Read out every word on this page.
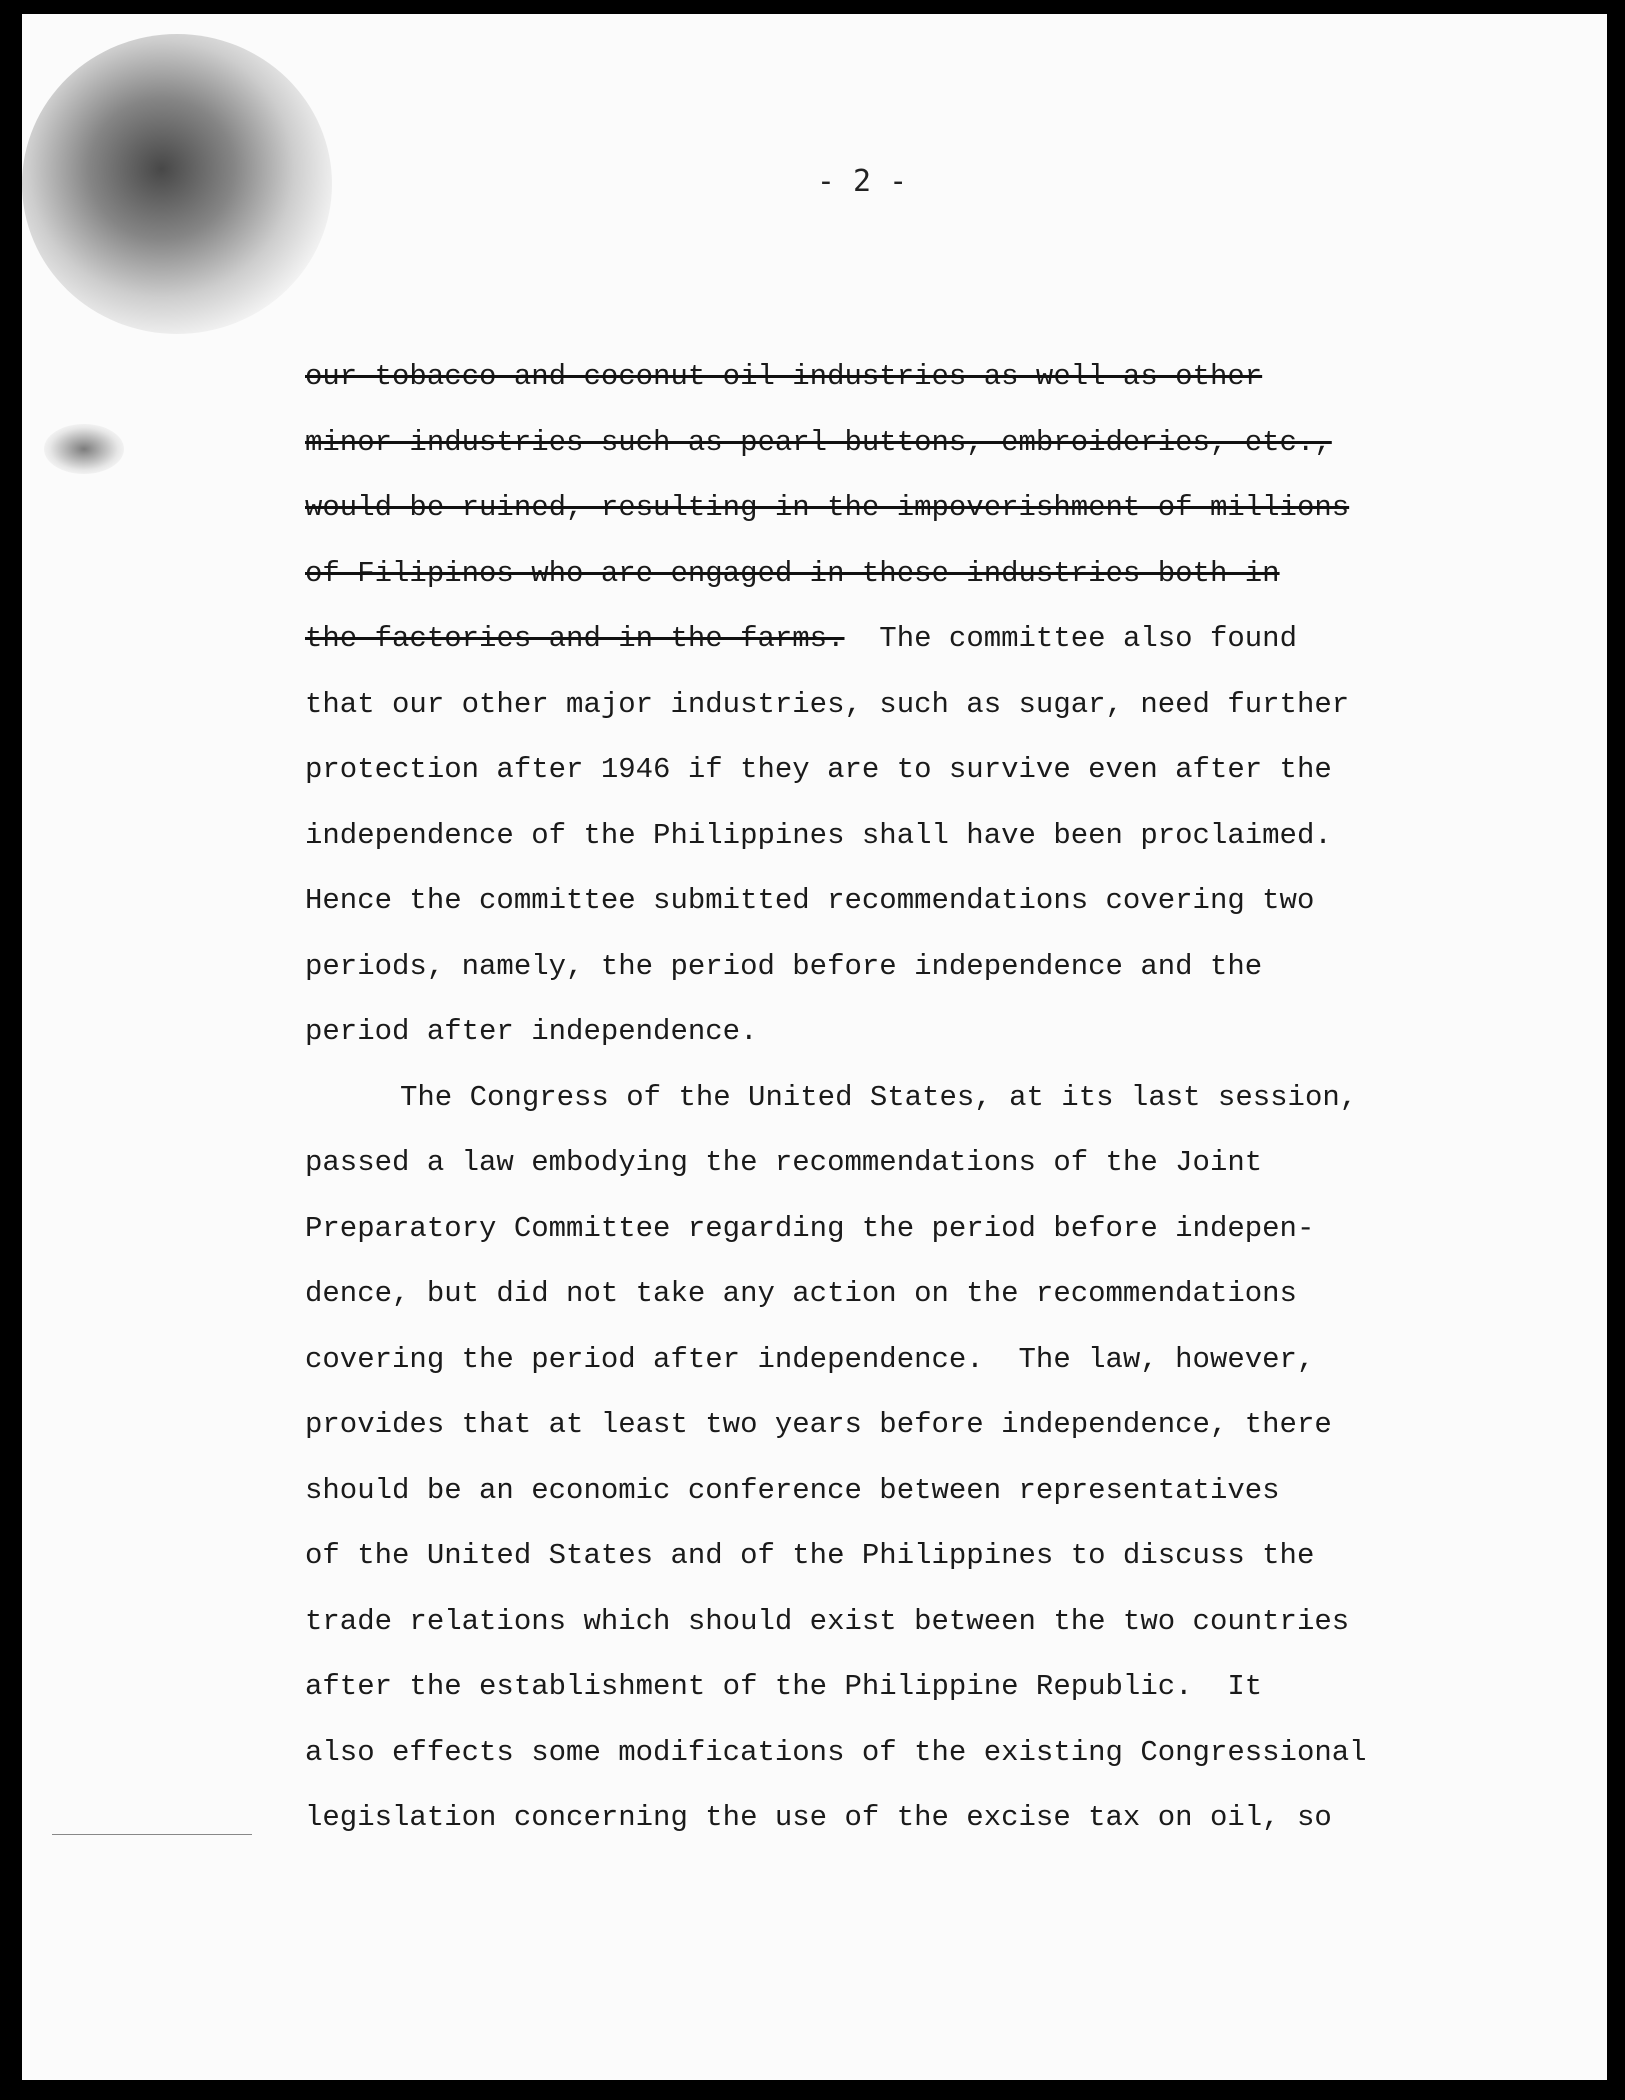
- 2 -
our tobacco and coconut oil industries as well as other
minor industries such as pearl buttons, embroideries, etc.,
would be ruined, resulting in the impoverishment of millions
of Filipinos who are engaged in these industries both in
the factories and in the farms.  The committee also found
that our other major industries, such as sugar, need further
protection after 1946 if they are to survive even after the
independence of the Philippines shall have been proclaimed.
Hence the committee submitted recommendations covering two
periods, namely, the period before independence and the
period after independence.
The Congress of the United States, at its last session,
passed a law embodying the recommendations of the Joint
Preparatory Committee regarding the period before indepen-
dence, but did not take any action on the recommendations
covering the period after independence.  The law, however,
provides that at least two years before independence, there
should be an economic conference between representatives
of the United States and of the Philippines to discuss the
trade relations which should exist between the two countries
after the establishment of the Philippine Republic.  It
also effects some modifications of the existing Congressional
legislation concerning the use of the excise tax on oil, so
